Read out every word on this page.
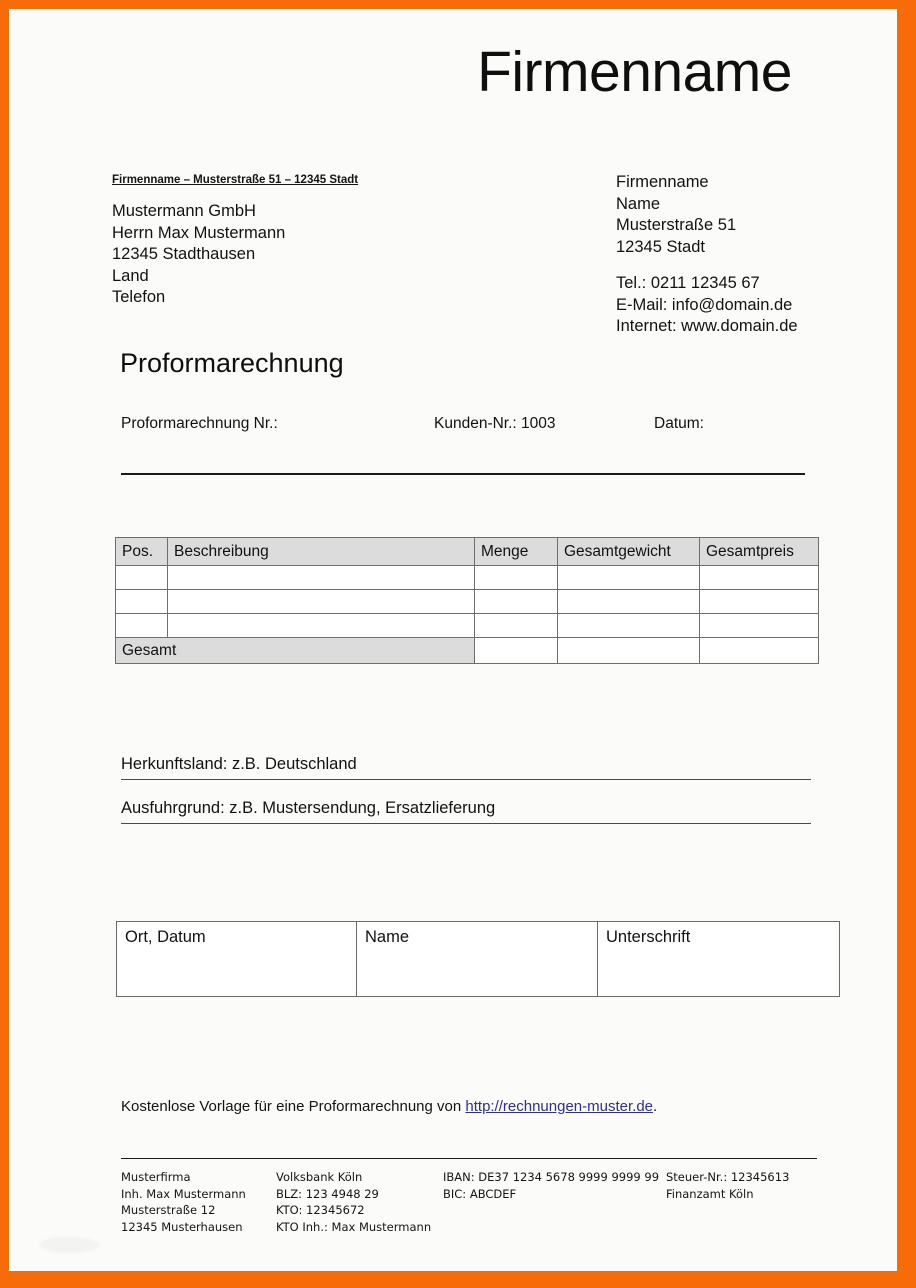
Firmenname
Firmenname – Musterstraße 51 – 12345 Stadt
Mustermann GmbH
Herrn Max Mustermann
12345 Stadthausen
Land
Telefon
Firmenname
Name
Musterstraße 51
12345 Stadt
Tel.: 0211 12345 67
E-Mail: info@domain.de
Internet: www.domain.de
Proformarechnung
Proformarechnung Nr.:	Kunden-Nr.: 1003	Datum:
Pos.	Beschreibung	Menge	Gesamtgewicht	Gesamtpreis

Gesamt				
Herkunftsland: z.B. Deutschland
Ausfuhrgrund: z.B. Mustersendung, Ersatzlieferung
Ort, Datum	Name	Unterschrift
Kostenlose Vorlage für eine Proformarechnung von http://rechnungen-muster.de.
Musterfirma
Inh. Max Mustermann
Musterstraße 12
12345 Musterhausen
Volksbank Köln
BLZ: 123 4948 29
KTO: 12345672
KTO Inh.: Max Mustermann
IBAN: DE37 1234 5678 9999 9999 99
BIC: ABCDEF
Steuer-Nr.: 12345613
Finanzamt Köln
